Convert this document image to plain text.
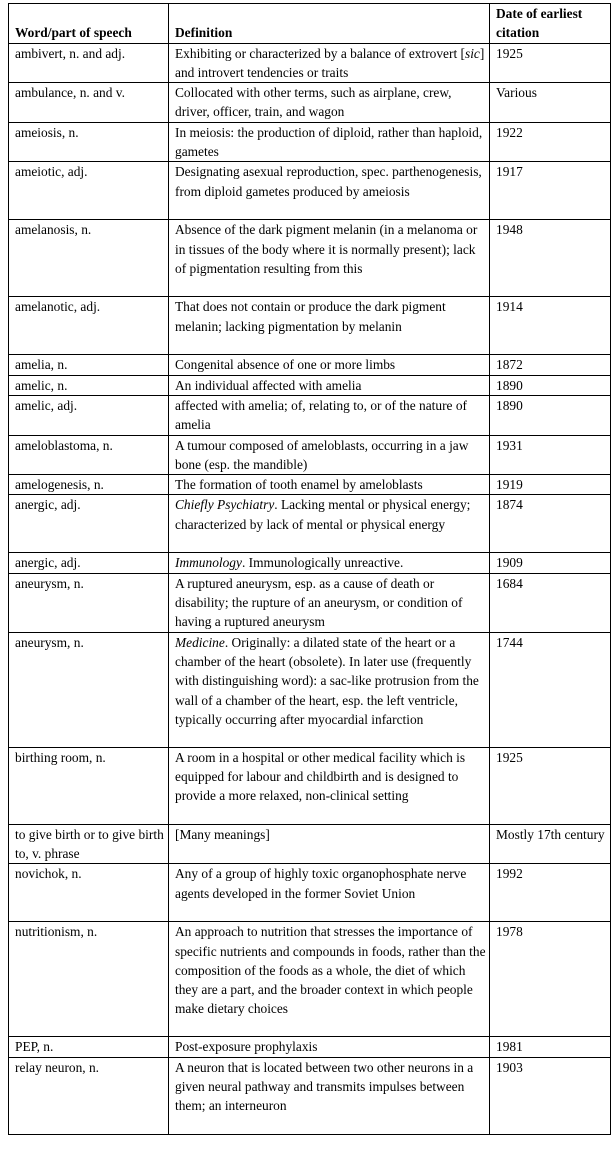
Word/part of speech	Definition	Date of earliest citation
ambivert, n. and adj.	Exhibiting or characterized by a balance of extrovert [sic] and introvert tendencies or traits	1925
ambulance, n. and v.	Collocated with other terms, such as airplane, crew, driver, officer, train, and wagon	Various
ameiosis, n.	In meiosis: the production of diploid, rather than haploid, gametes	1922
ameiotic, adj.	Designating asexual reproduction, spec. parthenogenesis, from diploid gametes produced by ameiosis	1917
amelanosis, n.	Absence of the dark pigment melanin (in a melanoma or in tissues of the body where it is normally present); lack of pigmentation resulting from this	1948
amelanotic, adj.	That does not contain or produce the dark pigment melanin; lacking pigmentation by melanin	1914
amelia, n.	Congenital absence of one or more limbs	1872
amelic, n.	An individual affected with amelia	1890
amelic, adj.	affected with amelia; of, relating to, or of the nature of amelia	1890
ameloblastoma, n.	A tumour composed of ameloblasts, occurring in a jaw bone (esp. the mandible)	1931
amelogenesis, n.	The formation of tooth enamel by ameloblasts	1919
anergic, adj.	Chiefly Psychiatry. Lacking mental or physical energy; characterized by lack of mental or physical energy	1874
anergic, adj.	Immunology. Immunologically unreactive.	1909
aneurysm, n.	A ruptured aneurysm, esp. as a cause of death or disability; the rupture of an aneurysm, or condition of having a ruptured aneurysm	1684
aneurysm, n.	Medicine. Originally: a dilated state of the heart or a chamber of the heart (obsolete). In later use (frequently with distinguishing word): a sac-like protrusion from the wall of a chamber of the heart, esp. the left ventricle, typically occurring after myocardial infarction	1744
birthing room, n.	A room in a hospital or other medical facility which is equipped for labour and childbirth and is designed to provide a more relaxed, non-clinical setting	1925
to give birth or to give birth to, v. phrase	[Many meanings]	Mostly 17th century
novichok, n.	Any of a group of highly toxic organophosphate nerve agents developed in the former Soviet Union	1992
nutritionism, n.	An approach to nutrition that stresses the importance of specific nutrients and compounds in foods, rather than the composition of the foods as a whole, the diet of which they are a part, and the broader context in which people make dietary choices	1978
PEP, n.	Post-exposure prophylaxis	1981
relay neuron, n.	A neuron that is located between two other neurons in a given neural pathway and transmits impulses between them; an interneuron	1903
